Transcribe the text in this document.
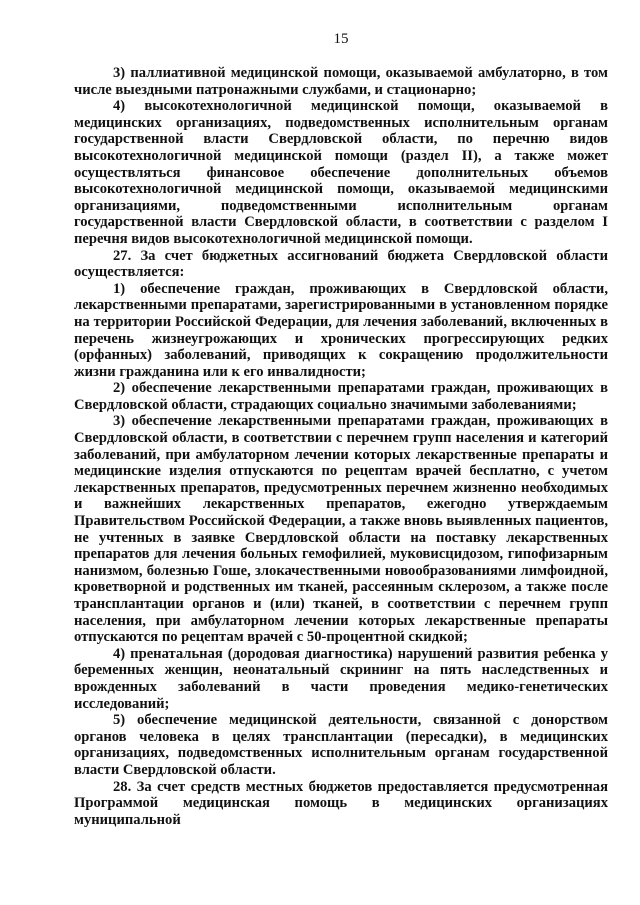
15

3) паллиативной медицинской помощи, оказываемой амбулаторно, в том числе выездными патронажными службами, и стационарно;

4) высокотехнологичной медицинской помощи, оказываемой в медицинских организациях, подведомственных исполнительным органам государственной власти Свердловской области, по перечню видов высокотехнологичной медицинской помощи (раздел II), а также может осуществляться финансовое обеспечение дополнительных объемов высокотехнологичной медицинской помощи, оказываемой медицинскими организациями, подведомственными исполнительным органам государственной власти Свердловской области, в соответствии с разделом I перечня видов высокотехнологичной медицинской помощи.

27. За счет бюджетных ассигнований бюджета Свердловской области осуществляется:

1) обеспечение граждан, проживающих в Свердловской области, лекарственными препаратами, зарегистрированными в установленном порядке на территории Российской Федерации, для лечения заболеваний, включенных в перечень жизнеугрожающих и хронических прогрессирующих редких (орфанных) заболеваний, приводящих к сокращению продолжительности жизни гражданина или к его инвалидности;

2) обеспечение лекарственными препаратами граждан, проживающих в Свердловской области, страдающих социально значимыми заболеваниями;

3) обеспечение лекарственными препаратами граждан, проживающих в Свердловской области, в соответствии с перечнем групп населения и категорий заболеваний, при амбулаторном лечении которых лекарственные препараты и медицинские изделия отпускаются по рецептам врачей бесплатно, с учетом лекарственных препаратов, предусмотренных перечнем жизненно необходимых и важнейших лекарственных препаратов, ежегодно утверждаемым Правительством Российской Федерации, а также вновь выявленных пациентов, не учтенных в заявке Свердловской области на поставку лекарственных препаратов для лечения больных гемофилией, муковисцидозом, гипофизарным нанизмом, болезнью Гоше, злокачественными новообразованиями лимфоидной, кроветворной и родственных им тканей, рассеянным склерозом, а также после трансплантации органов и (или) тканей, в соответствии с перечнем групп населения, при амбулаторном лечении которых лекарственные препараты отпускаются по рецептам врачей с 50-процентной скидкой;

4) пренатальная (дородовая диагностика) нарушений развития ребенка у беременных женщин, неонатальный скрининг на пять наследственных и врожденных заболеваний в части проведения медико-генетических исследований;

5) обеспечение медицинской деятельности, связанной с донорством органов человека в целях трансплантации (пересадки), в медицинских организациях, подведомственных исполнительным органам государственной власти Свердловской области.

28. За счет средств местных бюджетов предоставляется предусмотренная Программой медицинская помощь в медицинских организациях муниципальной
